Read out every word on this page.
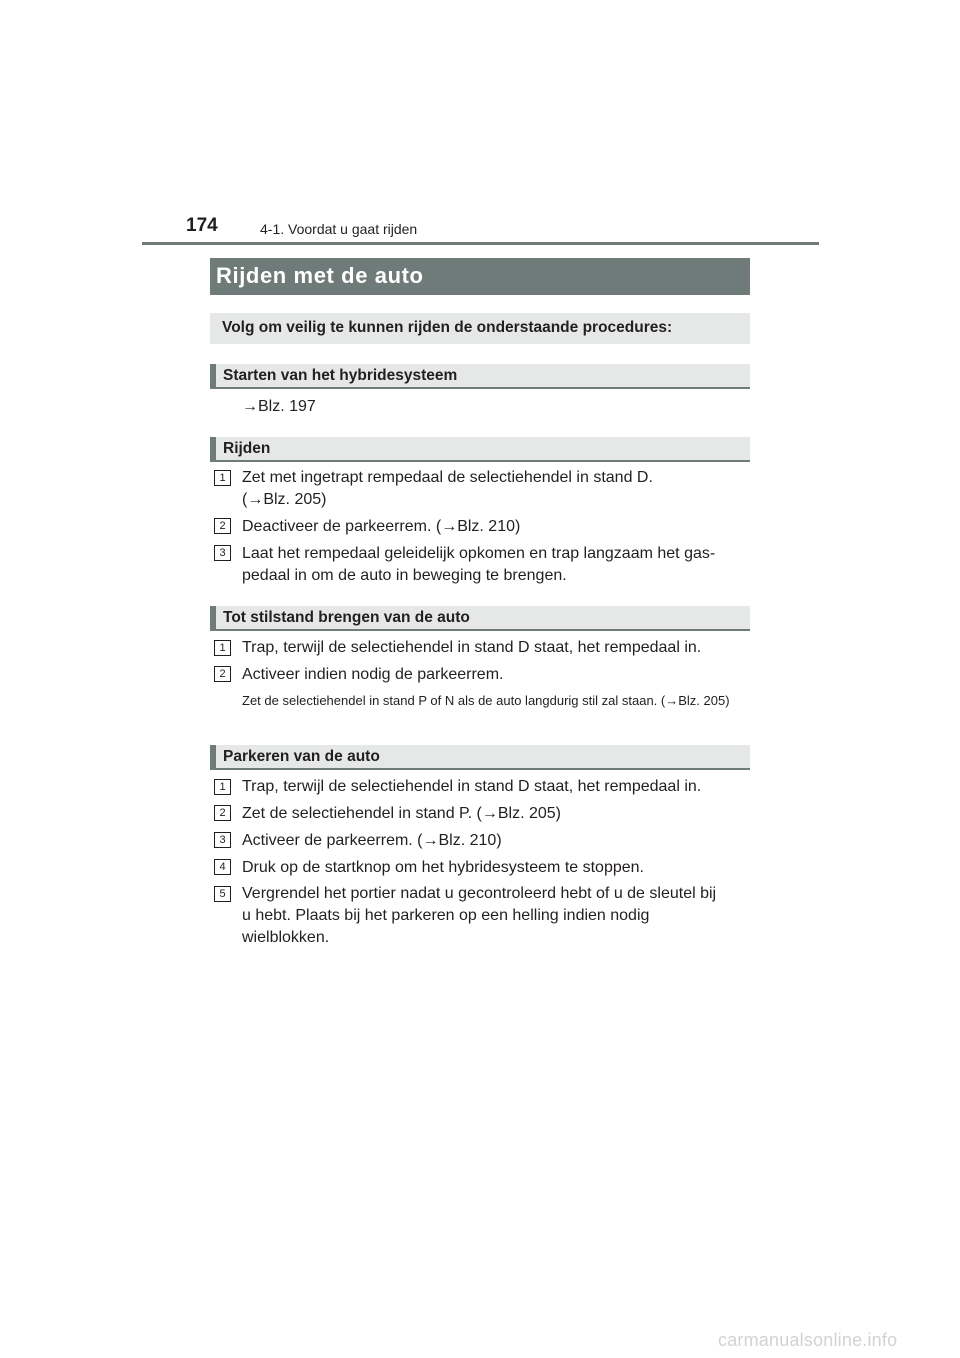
174	4-1. Voordat u gaat rijden
Rijden met de auto
Volg om veilig te kunnen rijden de onderstaande procedures:
Starten van het hybridesysteem
→Blz. 197
Rijden
1	Zet met ingetrapt rempedaal de selectiehendel in stand D. (→Blz. 205)
2	Deactiveer de parkeerrem. (→Blz. 210)
3	Laat het rempedaal geleidelijk opkomen en trap langzaam het gas- pedaal in om de auto in beweging te brengen.
Tot stilstand brengen van de auto
1	Trap, terwijl de selectiehendel in stand D staat, het rempedaal in.
2	Activeer indien nodig de parkeerrem.
Zet de selectiehendel in stand P of N als de auto langdurig stil zal staan. (→Blz. 205)
Parkeren van de auto
1	Trap, terwijl de selectiehendel in stand D staat, het rempedaal in.
2	Zet de selectiehendel in stand P. (→Blz. 205)
3	Activeer de parkeerrem. (→Blz. 210)
4	Druk op de startknop om het hybridesysteem te stoppen.
5	Vergrendel het portier nadat u gecontroleerd hebt of u de sleutel bij u hebt. Plaats bij het parkeren op een helling indien nodig wielblokken.
carmanualsonline.info
